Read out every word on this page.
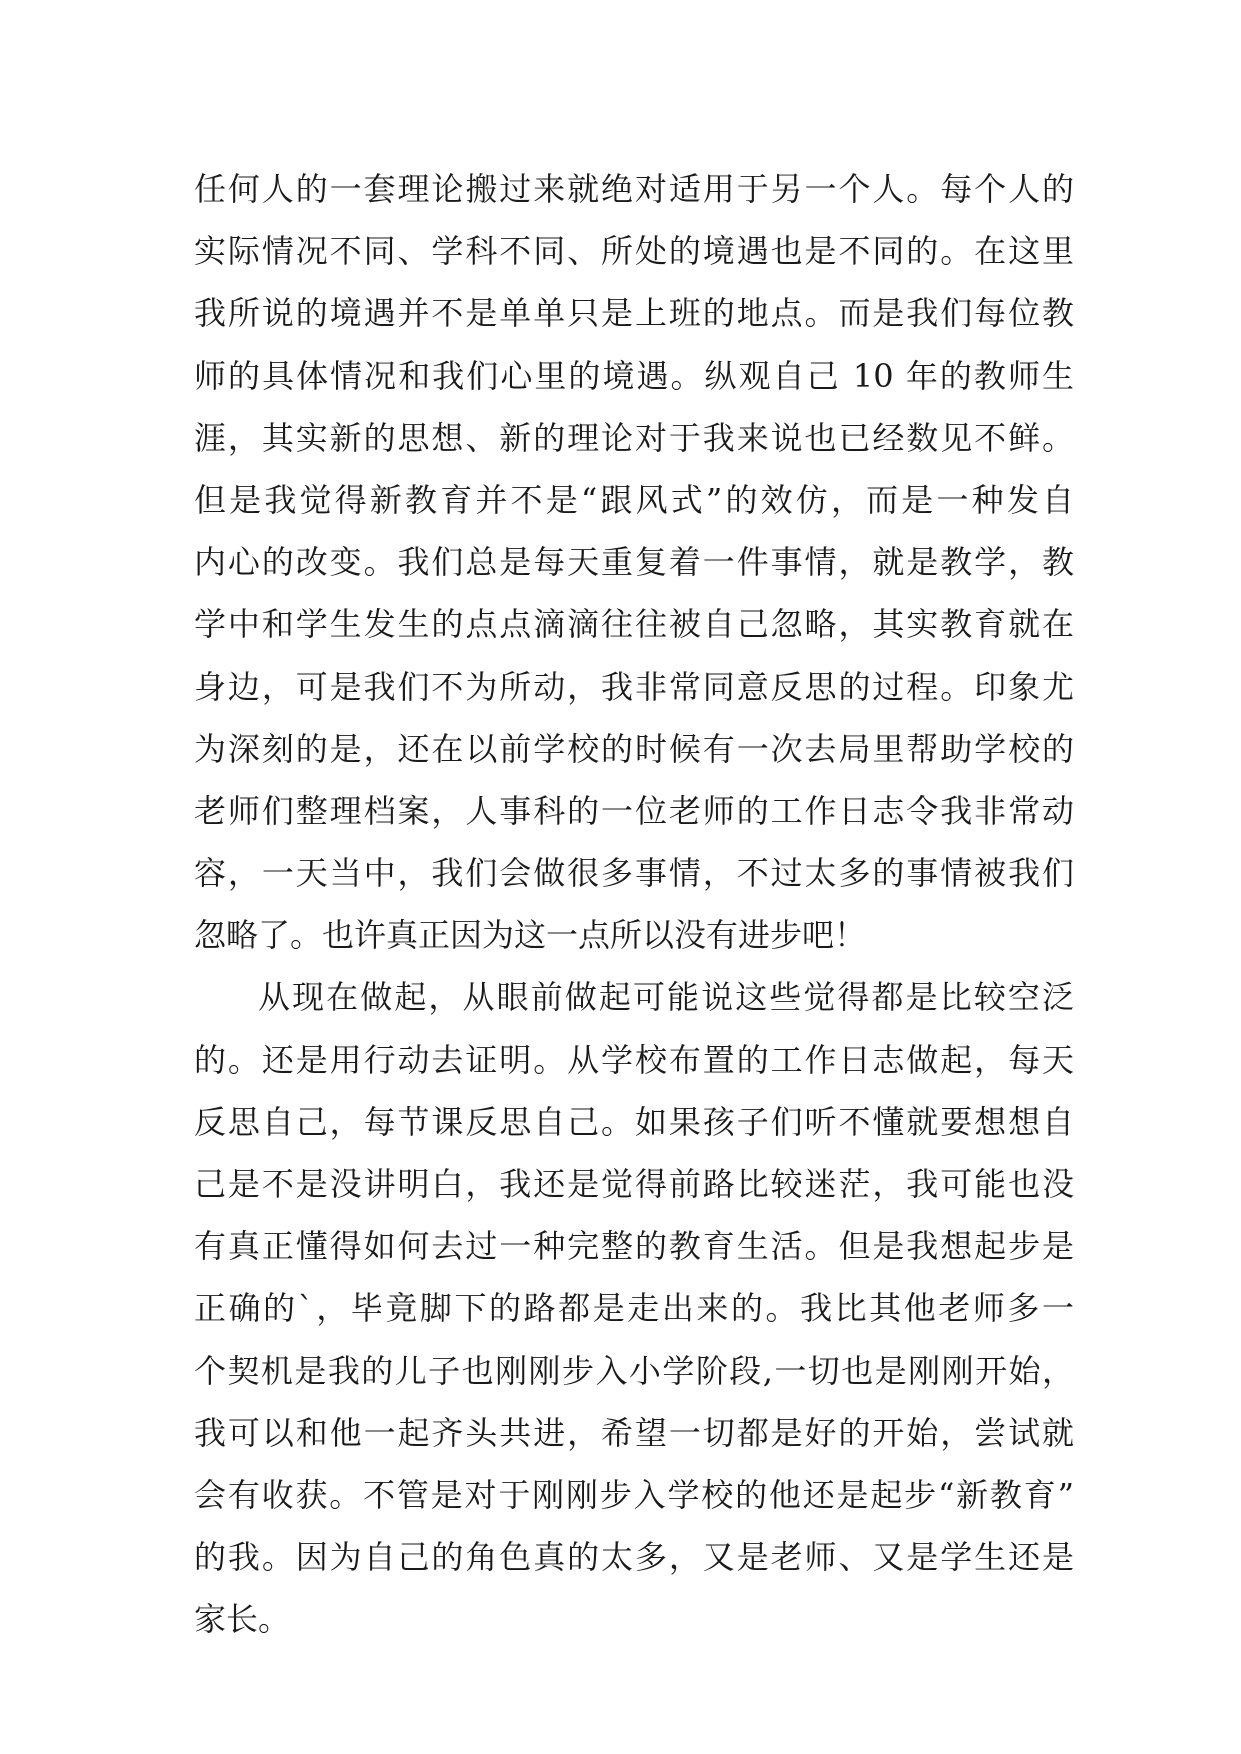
任何人的一套理论搬过来就绝对适用于另一个人。每个人的
实际情况不同、学科不同、所处的境遇也是不同的。在这里
我所说的境遇并不是单单只是上班的地点。而是我们每位教
师的具体情况和我们心里的境遇。纵观自己 10 年的教师生
涯，其实新的思想、新的理论对于我来说也已经数见不鲜。
但是我觉得新教育并不是“跟风式”的效仿，而是一种发自
内心的改变。我们总是每天重复着一件事情，就是教学，教
学中和学生发生的点点滴滴往往被自己忽略，其实教育就在
身边，可是我们不为所动，我非常同意反思的过程。印象尤
为深刻的是，还在以前学校的时候有一次去局里帮助学校的
老师们整理档案，人事科的一位老师的工作日志令我非常动
容，一天当中，我们会做很多事情，不过太多的事情被我们
忽略了。也许真正因为这一点所以没有进步吧！
从现在做起，从眼前做起可能说这些觉得都是比较空泛
的。还是用行动去证明。从学校布置的工作日志做起，每天
反思自己，每节课反思自己。如果孩子们听不懂就要想想自
己是不是没讲明白，我还是觉得前路比较迷茫，我可能也没
有真正懂得如何去过一种完整的教育生活。但是我想起步是
正确的`，毕竟脚下的路都是走出来的。我比其他老师多一
个契机是我的儿子也刚刚步入小学阶段,一切也是刚刚开始，
我可以和他一起齐头共进，希望一切都是好的开始，尝试就
会有收获。不管是对于刚刚步入学校的他还是起步“新教育”
的我。因为自己的角色真的太多，又是老师、又是学生还是
家长。
